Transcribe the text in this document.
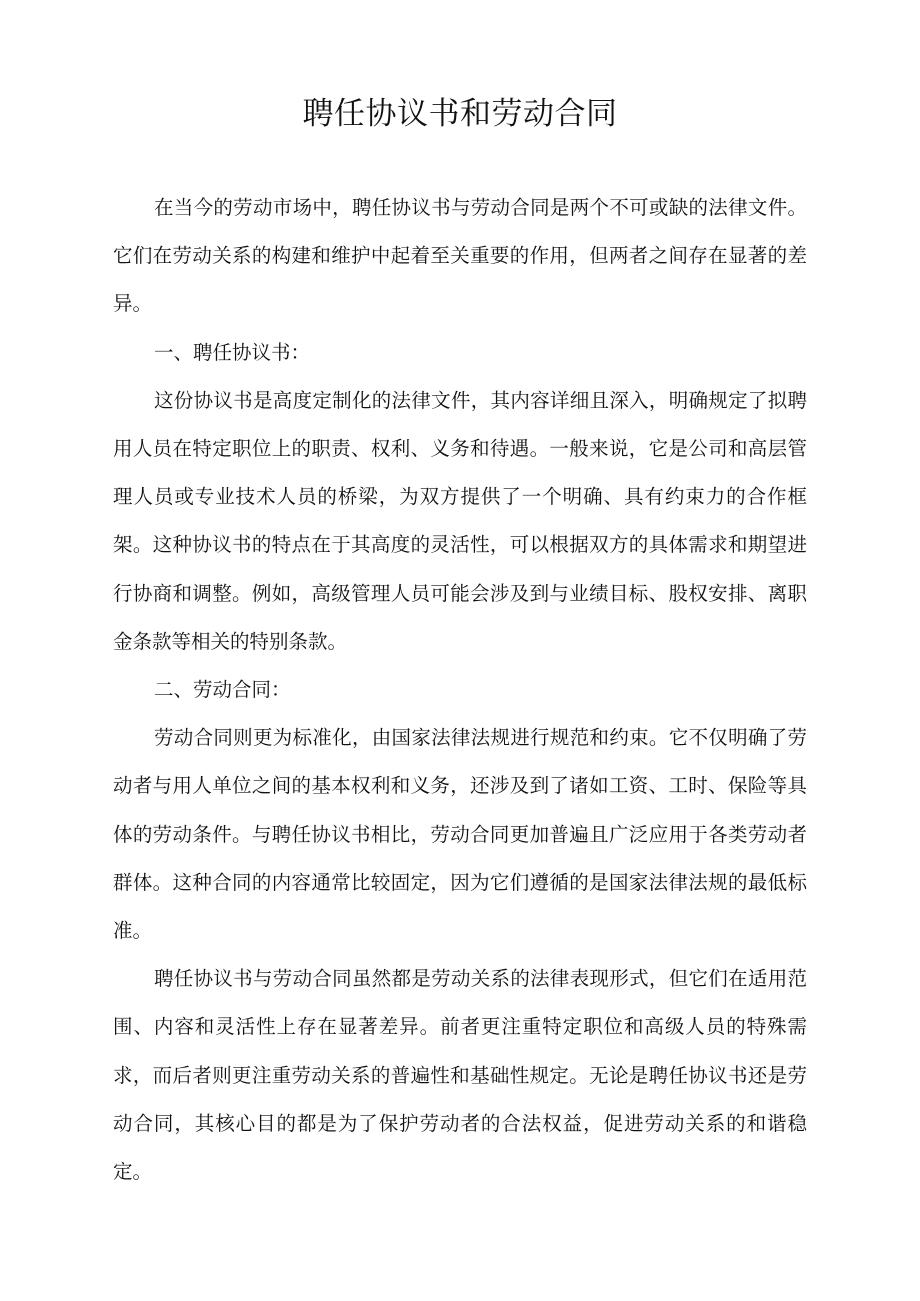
聘任协议书和劳动合同

在当今的劳动市场中，聘任协议书与劳动合同是两个不可或缺的法律文件。它们在劳动关系的构建和维护中起着至关重要的作用，但两者之间存在显著的差异。

一、聘任协议书：

这份协议书是高度定制化的法律文件，其内容详细且深入，明确规定了拟聘用人员在特定职位上的职责、权利、义务和待遇。一般来说，它是公司和高层管理人员或专业技术人员的桥梁，为双方提供了一个明确、具有约束力的合作框架。这种协议书的特点在于其高度的灵活性，可以根据双方的具体需求和期望进行协商和调整。例如，高级管理人员可能会涉及到与业绩目标、股权安排、离职金条款等相关的特别条款。

二、劳动合同：

劳动合同则更为标准化，由国家法律法规进行规范和约束。它不仅明确了劳动者与用人单位之间的基本权利和义务，还涉及到了诸如工资、工时、保险等具体的劳动条件。与聘任协议书相比，劳动合同更加普遍且广泛应用于各类劳动者群体。这种合同的内容通常比较固定，因为它们遵循的是国家法律法规的最低标准。

聘任协议书与劳动合同虽然都是劳动关系的法律表现形式，但它们在适用范围、内容和灵活性上存在显著差异。前者更注重特定职位和高级人员的特殊需求，而后者则更注重劳动关系的普遍性和基础性规定。无论是聘任协议书还是劳动合同，其核心目的都是为了保护劳动者的合法权益，促进劳动关系的和谐稳定。
